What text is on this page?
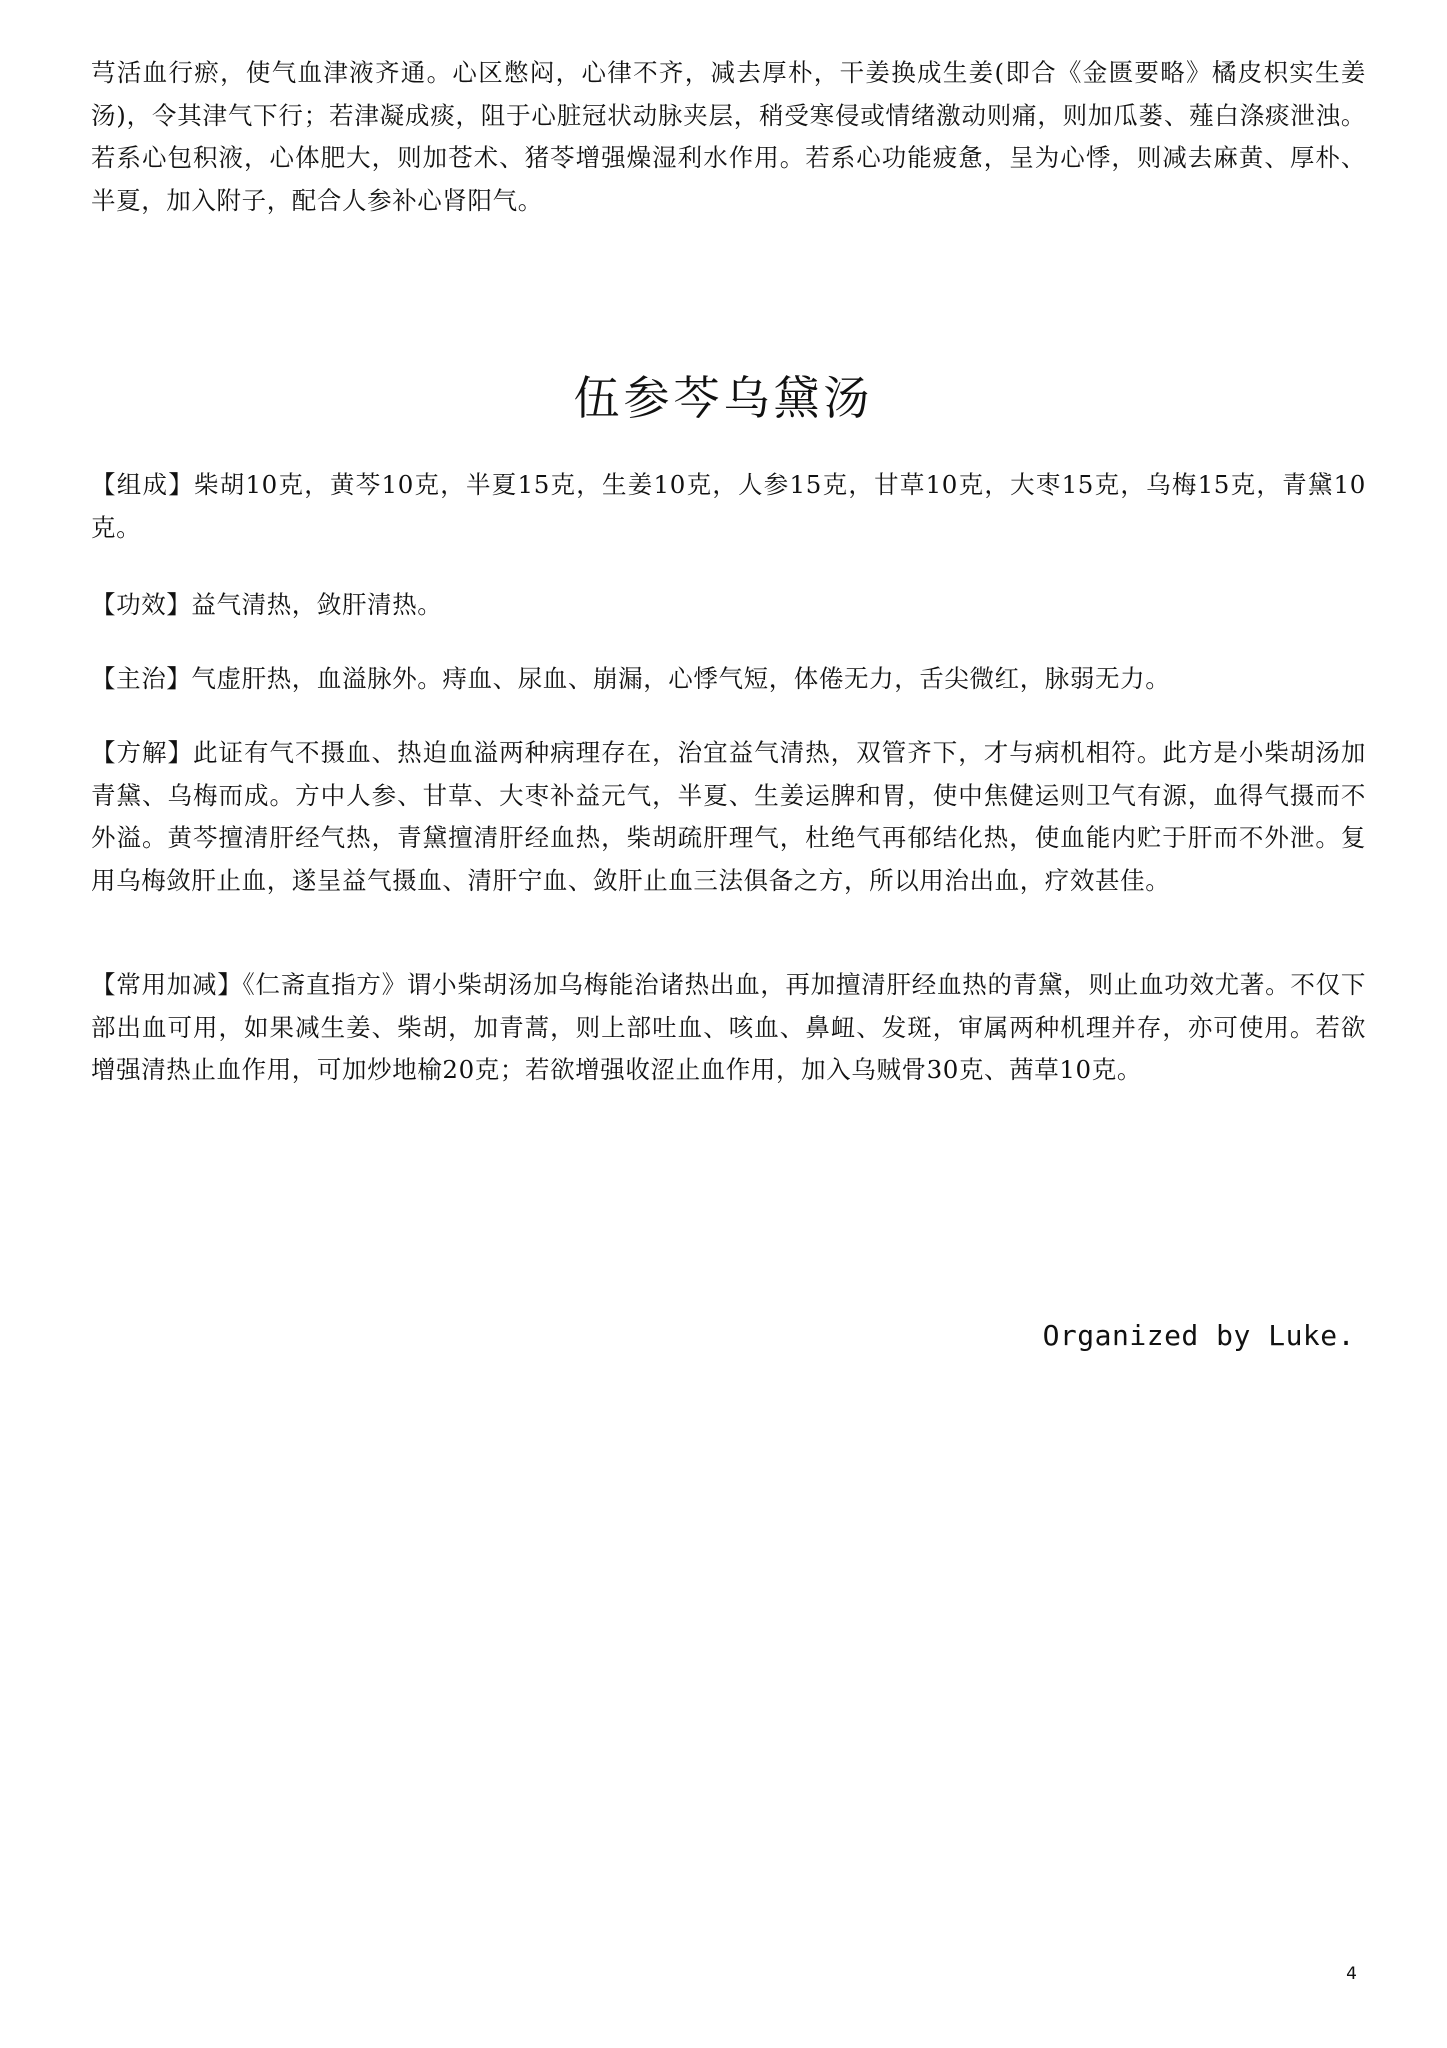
芎活血行瘀，使气血津液齐通。心区憋闷，心律不齐，减去厚朴，干姜换成生姜(即合《金匮要略》橘皮枳实生姜汤)，令其津气下行；若津凝成痰，阻于心脏冠状动脉夹层，稍受寒侵或情绪激动则痛，则加瓜蒌、薤白涤痰泄浊。若系心包积液，心体肥大，则加苍术、猪苓增强燥湿利水作用。若系心功能疲惫，呈为心悸，则减去麻黄、厚朴、半夏，加入附子，配合人参补心肾阳气。

伍参芩乌黛汤

【组成】柴胡10克，黄芩10克，半夏15克，生姜10克，人参15克，甘草10克，大枣15克，乌梅15克，青黛10克。

【功效】益气清热，敛肝清热。

【主治】气虚肝热，血溢脉外。痔血、尿血、崩漏，心悸气短，体倦无力，舌尖微红，脉弱无力。

【方解】此证有气不摄血、热迫血溢两种病理存在，治宜益气清热，双管齐下，才与病机相符。此方是小柴胡汤加青黛、乌梅而成。方中人参、甘草、大枣补益元气，半夏、生姜运脾和胃，使中焦健运则卫气有源，血得气摄而不外溢。黄芩擅清肝经气热，青黛擅清肝经血热，柴胡疏肝理气，杜绝气再郁结化热，使血能内贮于肝而不外泄。复用乌梅敛肝止血，遂呈益气摄血、清肝宁血、敛肝止血三法俱备之方，所以用治出血，疗效甚佳。

【常用加减】《仁斋直指方》谓小柴胡汤加乌梅能治诸热出血，再加擅清肝经血热的青黛，则止血功效尤著。不仅下部出血可用，如果减生姜、柴胡，加青蒿，则上部吐血、咳血、鼻衄、发斑，审属两种机理并存，亦可使用。若欲增强清热止血作用，可加炒地榆20克；若欲增强收涩止血作用，加入乌贼骨30克、茜草10克。

Organized by Luke.

4
